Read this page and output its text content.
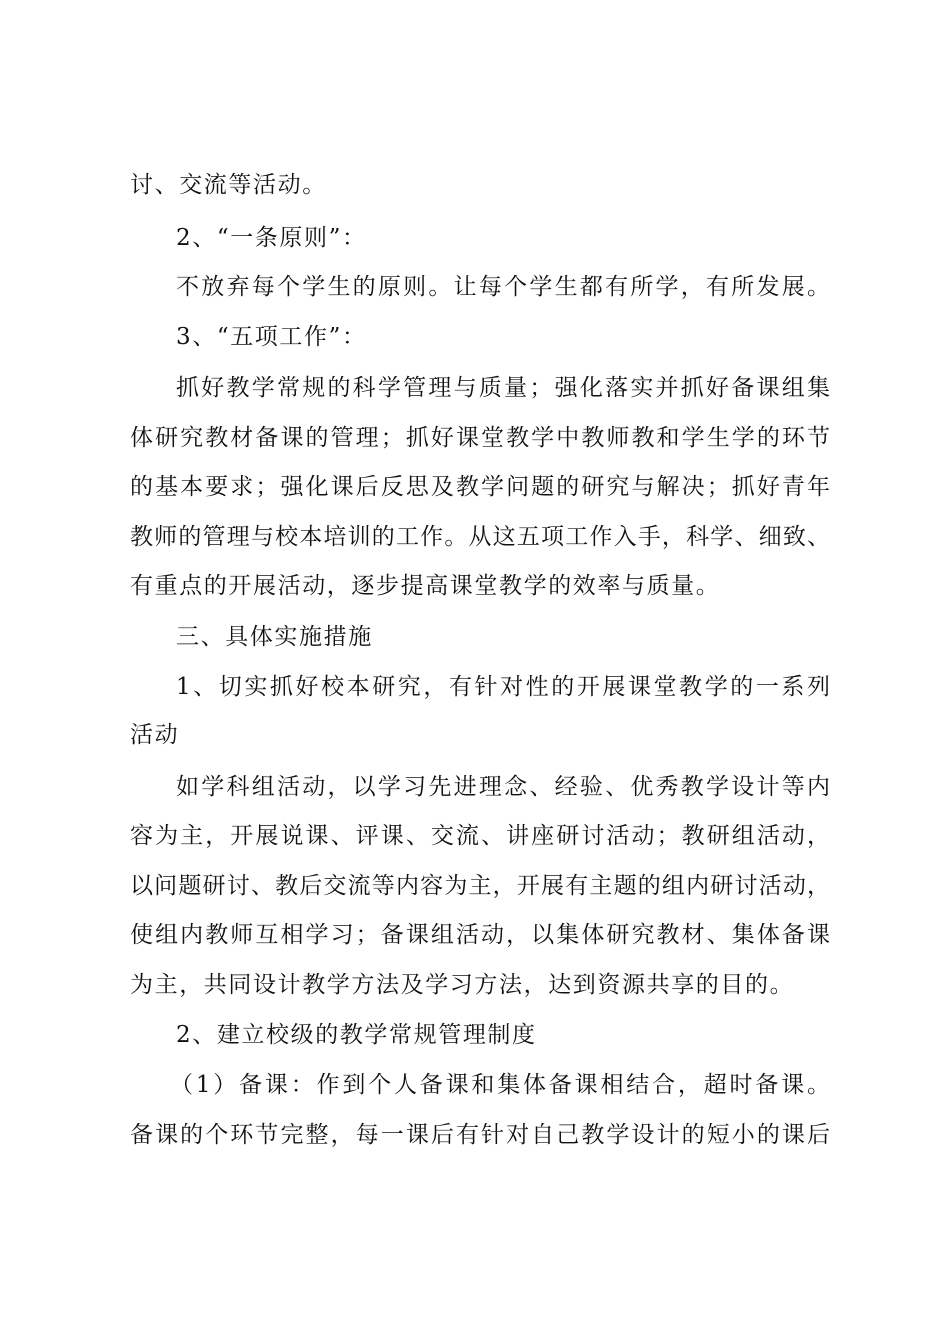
讨、交流等活动。
2、“一条原则”：
不放弃每个学生的原则。让每个学生都有所学，有所发展。
3、“五项工作”：
抓好教学常规的科学管理与质量；强化落实并抓好备课组集
体研究教材备课的管理；抓好课堂教学中教师教和学生学的环节
的基本要求；强化课后反思及教学问题的研究与解决；抓好青年
教师的管理与校本培训的工作。从这五项工作入手，科学、细致、
有重点的开展活动，逐步提高课堂教学的效率与质量。
三、具体实施措施
1、切实抓好校本研究，有针对性的开展课堂教学的一系列
活动
如学科组活动，以学习先进理念、经验、优秀教学设计等内
容为主，开展说课、评课、交流、讲座研讨活动；教研组活动，
以问题研讨、教后交流等内容为主，开展有主题的组内研讨活动，
使组内教师互相学习；备课组活动，以集体研究教材、集体备课
为主，共同设计教学方法及学习方法，达到资源共享的目的。
2、建立校级的教学常规管理制度
（1）备课：作到个人备课和集体备课相结合，超时备课。
备课的个环节完整，每一课后有针对自己教学设计的短小的课后
